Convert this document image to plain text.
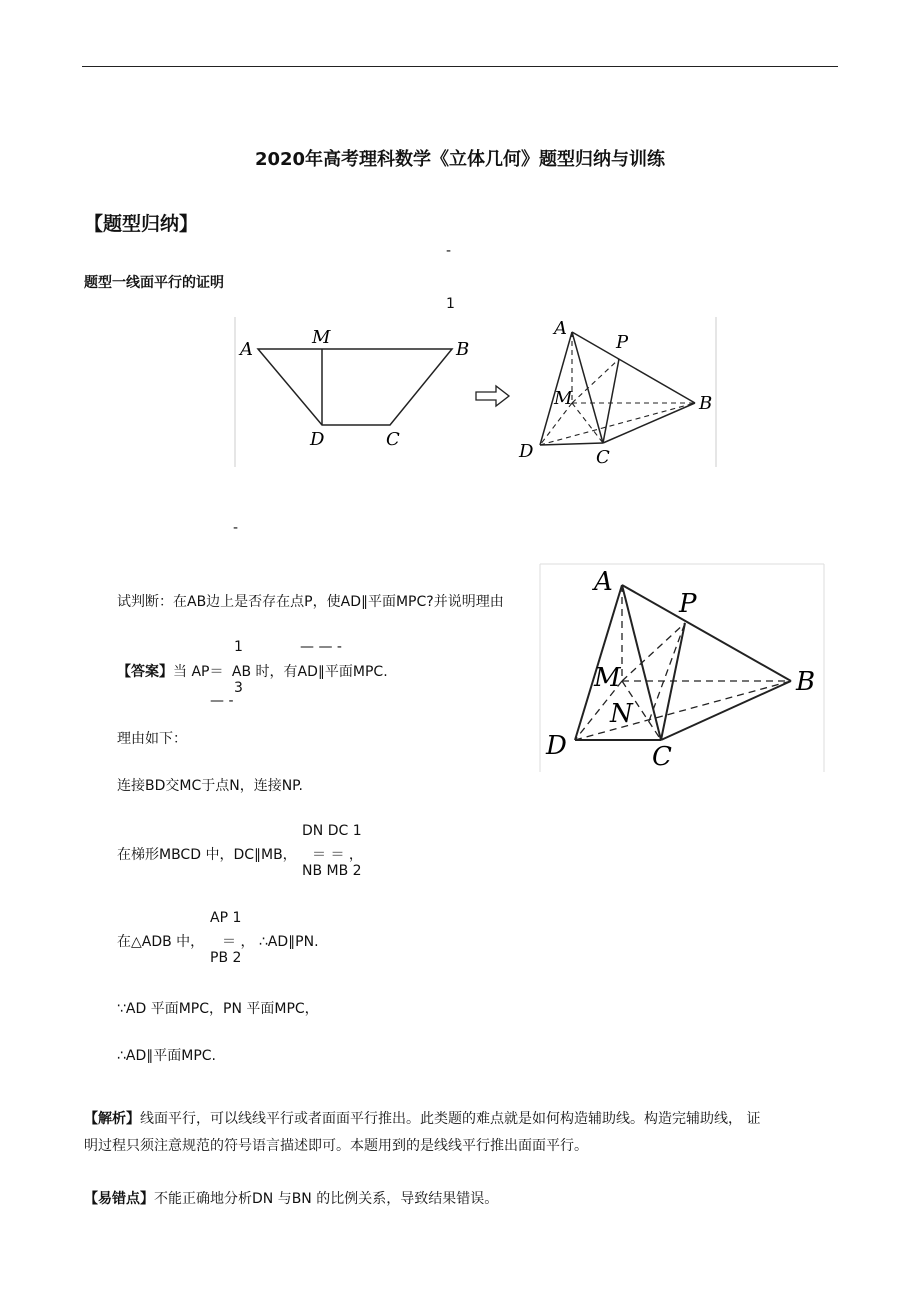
2020年高考理科数学《立体几何》题型归纳与训练
【题型归纳】
-
题型一线面平行的证明
1
A
M
B
D	C
A
P
M	B
D	C
-
A
P
M
N
B
D	C
试判断：在AB边上是否存在点P，使AD∥平面MPC?并说明理由
1	— — -
【答案】当 AP＝ AB 时，有AD∥平面MPC.
3
— -
理由如下：
连接BD交MC于点N，连接NP.
DN DC 1
在梯形MBCD 中，DC∥MB， ＝ ＝ ，
NB MB 2
AP 1
在△ADB 中， ＝ ， ∴AD∥PN.
PB 2
∵AD 平面MPC，PN 平面MPC，
∴AD∥平面MPC.
【解析】线面平行，可以线线平行或者面面平行推出。此类题的难点就是如何构造辅助线。构造完辅助线， 证
明过程只须注意规范的符号语言描述即可。本题用到的是线线平行推出面面平行。
【易错点】不能正确地分析DN 与BN 的比例关系，导致结果错误。
